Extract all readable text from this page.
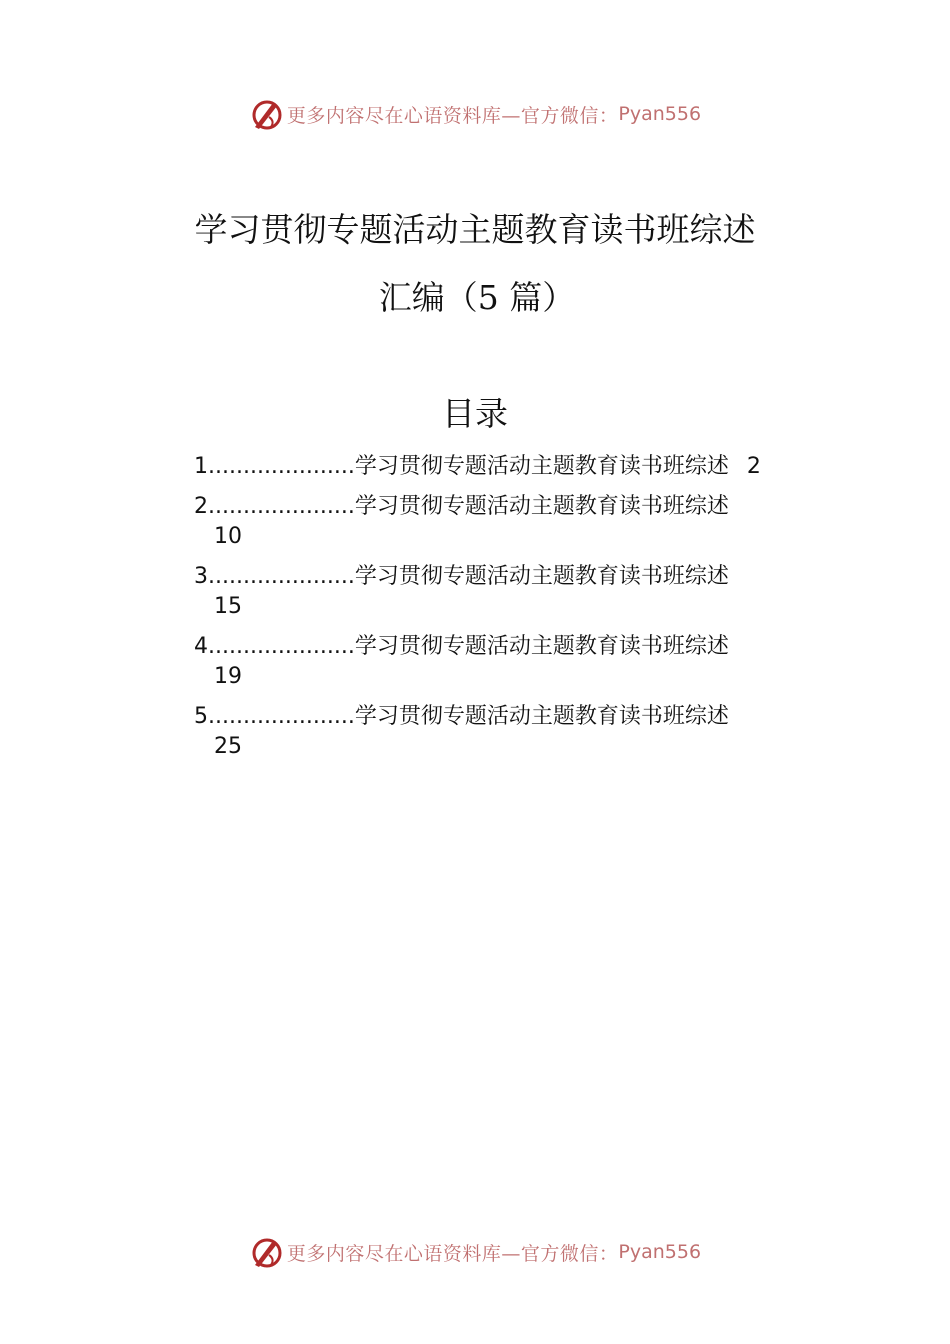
更多内容尽在心语资料库—官方微信： Pyan556
学习贯彻专题活动主题教育读书班综述
汇编（5 篇）
目录
1.....................学习贯彻专题活动主题教育读书班综述 2
2.....................学习贯彻专题活动主题教育读书班综述
10
3.....................学习贯彻专题活动主题教育读书班综述
15
4.....................学习贯彻专题活动主题教育读书班综述
19
5.....................学习贯彻专题活动主题教育读书班综述
25
更多内容尽在心语资料库—官方微信： Pyan556
